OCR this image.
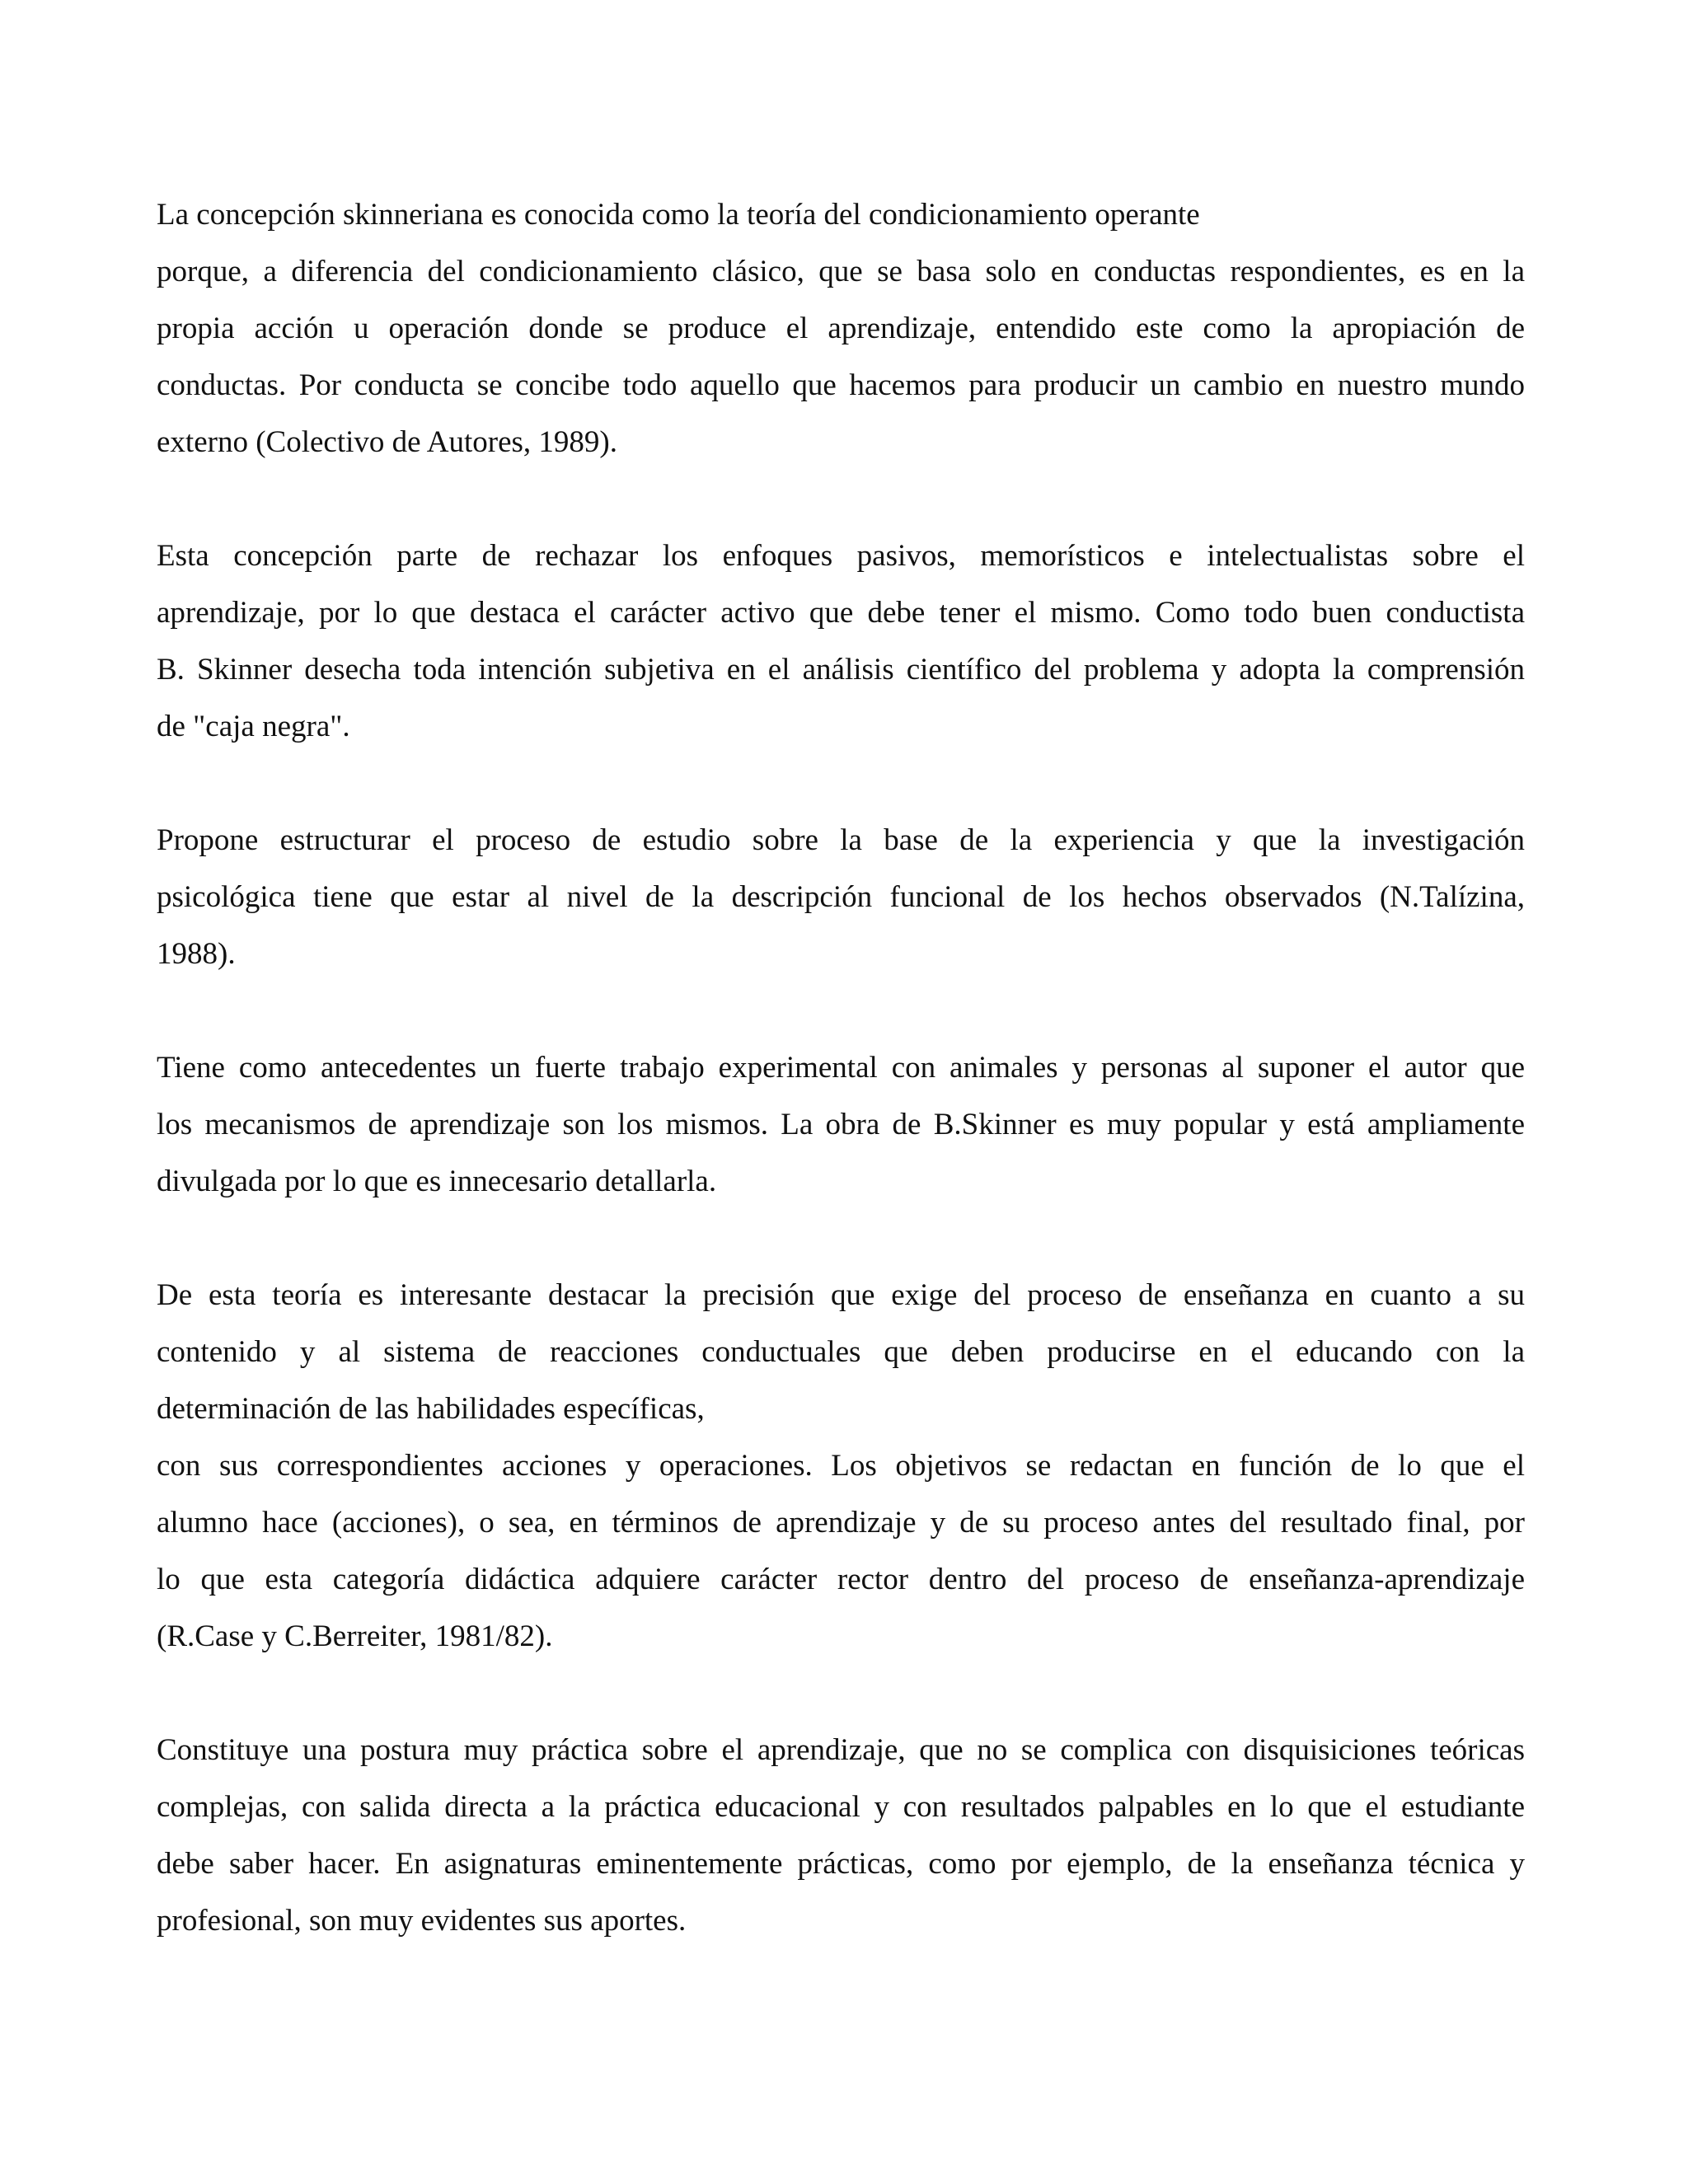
La concepción skinneriana es conocida como la teoría del condicionamiento operante
porque, a diferencia del condicionamiento clásico, que se basa solo en conductas respondientes, es en la
propia acción u operación donde se produce el aprendizaje, entendido este como la apropiación de
conductas. Por conducta se concibe todo aquello que hacemos para producir un cambio en nuestro mundo
externo (Colectivo de Autores, 1989).
Esta concepción parte de rechazar los enfoques pasivos, memorísticos e intelectualistas sobre el
aprendizaje, por lo que destaca el carácter activo que debe tener el mismo. Como todo buen conductista
B. Skinner desecha toda intención subjetiva en el análisis científico del problema y adopta la comprensión
de "caja negra".
Propone estructurar el proceso de estudio sobre la base de la experiencia y que la investigación
psicológica tiene que estar al nivel de la descripción funcional de los hechos observados (N.Talízina,
1988).
Tiene como antecedentes un fuerte trabajo experimental con animales y personas al suponer el autor que
los mecanismos de aprendizaje son los mismos. La obra de B.Skinner es muy popular y está ampliamente
divulgada por lo que es innecesario detallarla.
De esta teoría es interesante destacar la precisión que exige del proceso de enseñanza en cuanto a su
contenido y al sistema de reacciones conductuales que deben producirse en el educando con la
determinación de las habilidades específicas,
con sus correspondientes acciones y operaciones. Los objetivos se redactan en función de lo que el
alumno hace (acciones), o sea, en términos de aprendizaje y de su proceso antes del resultado final, por
lo que esta categoría didáctica adquiere carácter rector dentro del proceso de enseñanza-aprendizaje
(R.Case y C.Berreiter, 1981/82).
Constituye una postura muy práctica sobre el aprendizaje, que no se complica con disquisiciones teóricas
complejas, con salida directa a la práctica educacional y con resultados palpables en lo que el estudiante
debe saber hacer. En asignaturas eminentemente prácticas, como por ejemplo, de la enseñanza técnica y
profesional, son muy evidentes sus aportes.
